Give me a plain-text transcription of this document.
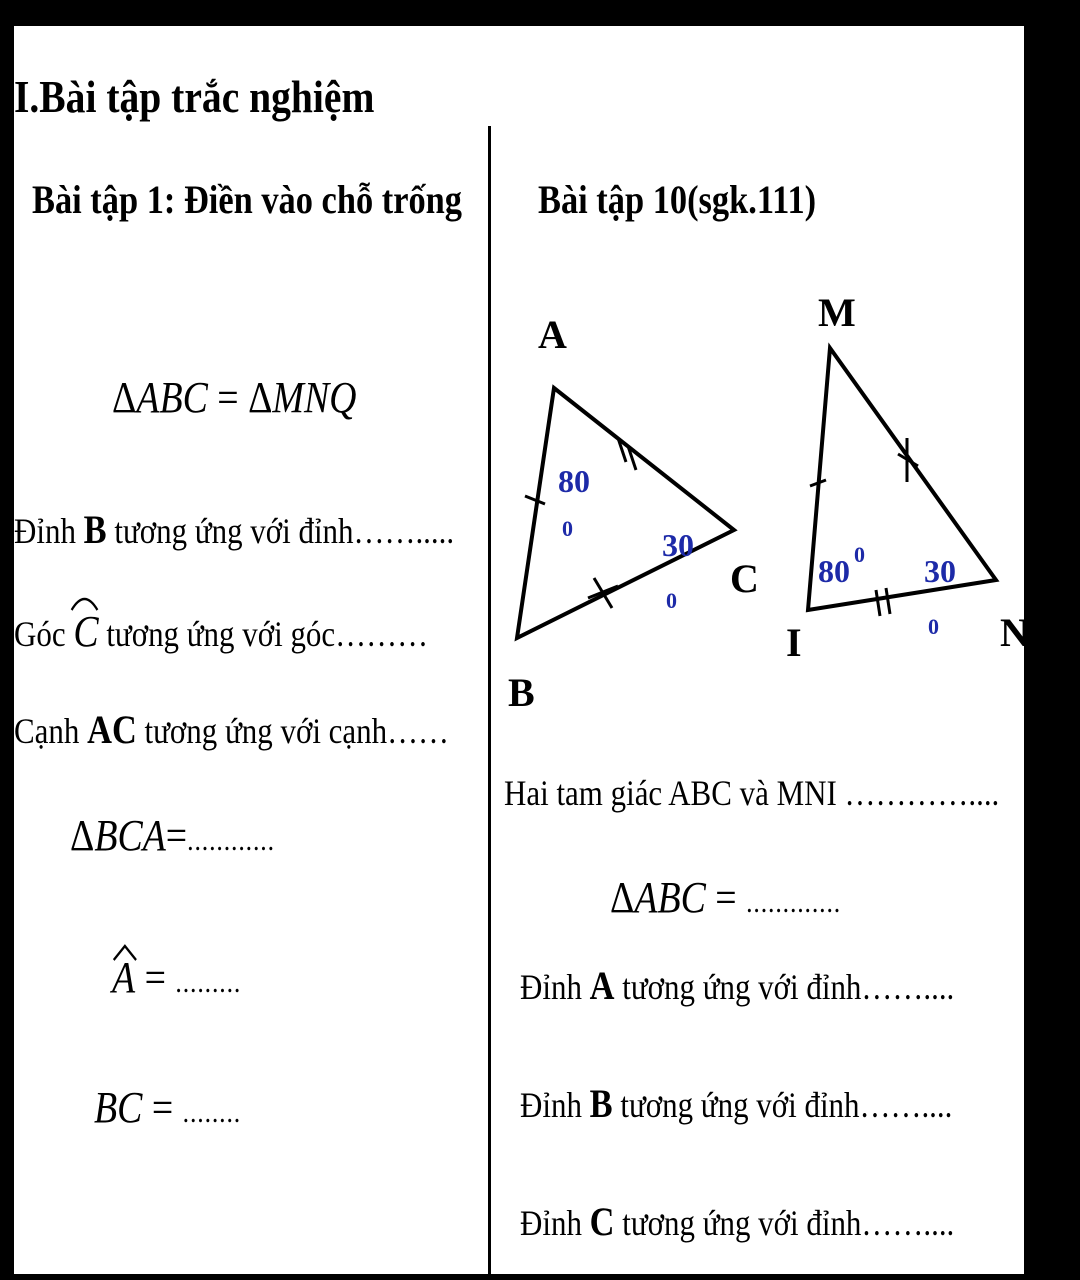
I.Bài tập trắc nghiệm
Bài tập 1: Điền vào chỗ trống
ΔABC = ΔMNQ
Đỉnh B tương ứng với đỉnh…….....
Góc C tương ứng với góc………
Cạnh AC tương ứng với cạnh……
ΔBCA=............
A = .........
BC = ........
Bài tập 10(sgk.111)
A
B
C
80
0	30
0
M
I	N
80 0 30
0
Hai tam giác ABC và MNI …………....
ΔABC = .............
Đỉnh A tương ứng với đỉnh……....
Đỉnh B tương ứng với đỉnh……....
Đỉnh C tương ứng với đỉnh……....
